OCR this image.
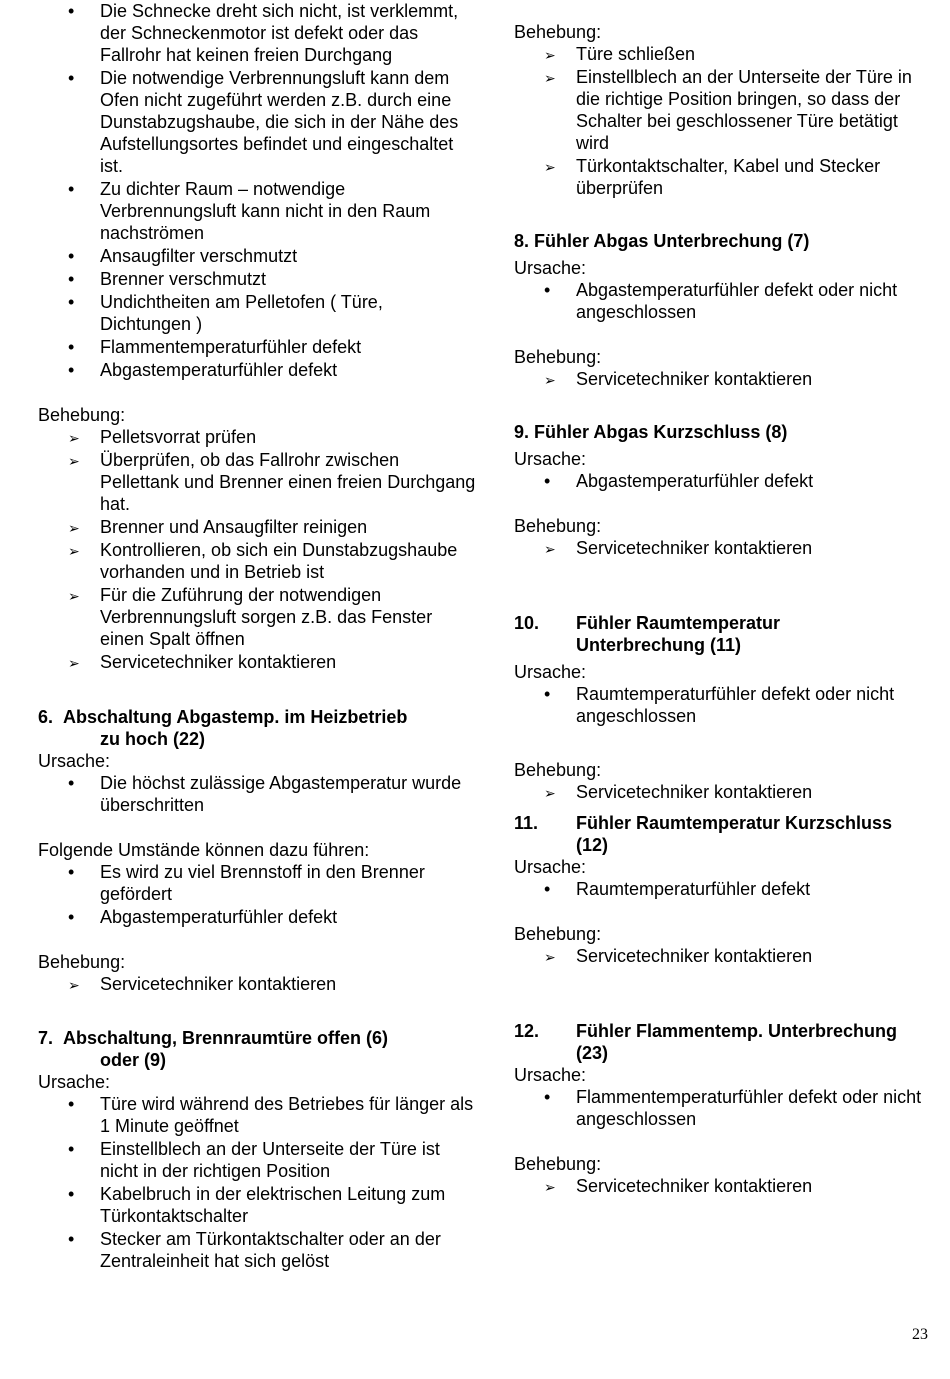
•	Die Schnecke dreht sich nicht, ist verklemmt, der Schneckenmotor ist defekt oder das Fallrohr hat keinen freien Durchgang
•	Die notwendige Verbrennungsluft kann dem Ofen nicht zugeführt werden z.B. durch eine Dunstabzugshaube, die sich in der Nähe des Aufstellungsortes befindet und eingeschaltet ist.
•	Zu dichter Raum – notwendige Verbrennungsluft kann nicht in den Raum nachströmen
•	Ansaugfilter verschmutzt
•	Brenner verschmutzt
•	Undichtheiten am Pelletofen ( Türe, Dichtungen )
•	Flammentemperaturfühler defekt
•	Abgastemperaturfühler defekt
Behebung:
➢	Pelletsvorrat prüfen
➢	Überprüfen, ob das Fallrohr zwischen Pellettank und Brenner einen freien Durchgang hat.
➢	Brenner und Ansaugfilter reinigen
➢	Kontrollieren, ob sich ein Dunstabzugshaube vorhanden und in Betrieb ist
➢	Für die Zuführung der notwendigen Verbrennungsluft sorgen z.B. das Fenster einen Spalt öffnen
➢	Servicetechniker kontaktieren
6. Abschaltung Abgastemp. im Heizbetrieb
zu hoch (22)
Ursache:
•	Die höchst zulässige Abgastemperatur wurde überschritten
Folgende Umstände können dazu führen:
•	Es wird zu viel Brennstoff in den Brenner gefördert
•	Abgastemperaturfühler defekt
Behebung:
➢	Servicetechniker kontaktieren
7. Abschaltung, Brennraumtüre offen (6)
oder (9)
Ursache:
•	Türe wird während des Betriebes für länger als 1 Minute geöffnet
•	Einstellblech an der Unterseite der Türe ist nicht in der richtigen Position
•	Kabelbruch in der elektrischen Leitung zum Türkontaktschalter
•	Stecker am Türkontaktschalter oder an der Zentraleinheit hat sich gelöst
Behebung:
➢	Türe schließen
➢	Einstellblech an der Unterseite der Türe in die richtige Position bringen, so dass der Schalter bei geschlossener Türe betätigt wird
➢	Türkontaktschalter, Kabel und Stecker überprüfen
8. Fühler Abgas Unterbrechung (7)
Ursache:
•	Abgastemperaturfühler defekt oder nicht angeschlossen
Behebung:
➢	Servicetechniker kontaktieren
9. Fühler Abgas Kurzschluss (8)
Ursache:
•	Abgastemperaturfühler defekt
Behebung:
➢	Servicetechniker kontaktieren
10. Fühler Raumtemperatur
Unterbrechung (11)
Ursache:
•	Raumtemperaturfühler defekt oder nicht angeschlossen
Behebung:
➢	Servicetechniker kontaktieren
11. Fühler Raumtemperatur Kurzschluss
(12)
Ursache:
•	Raumtemperaturfühler defekt
Behebung:
➢	Servicetechniker kontaktieren
12. Fühler Flammentemp. Unterbrechung
(23)
Ursache:
•	Flammentemperaturfühler defekt oder nicht angeschlossen
Behebung:
➢	Servicetechniker kontaktieren
23
